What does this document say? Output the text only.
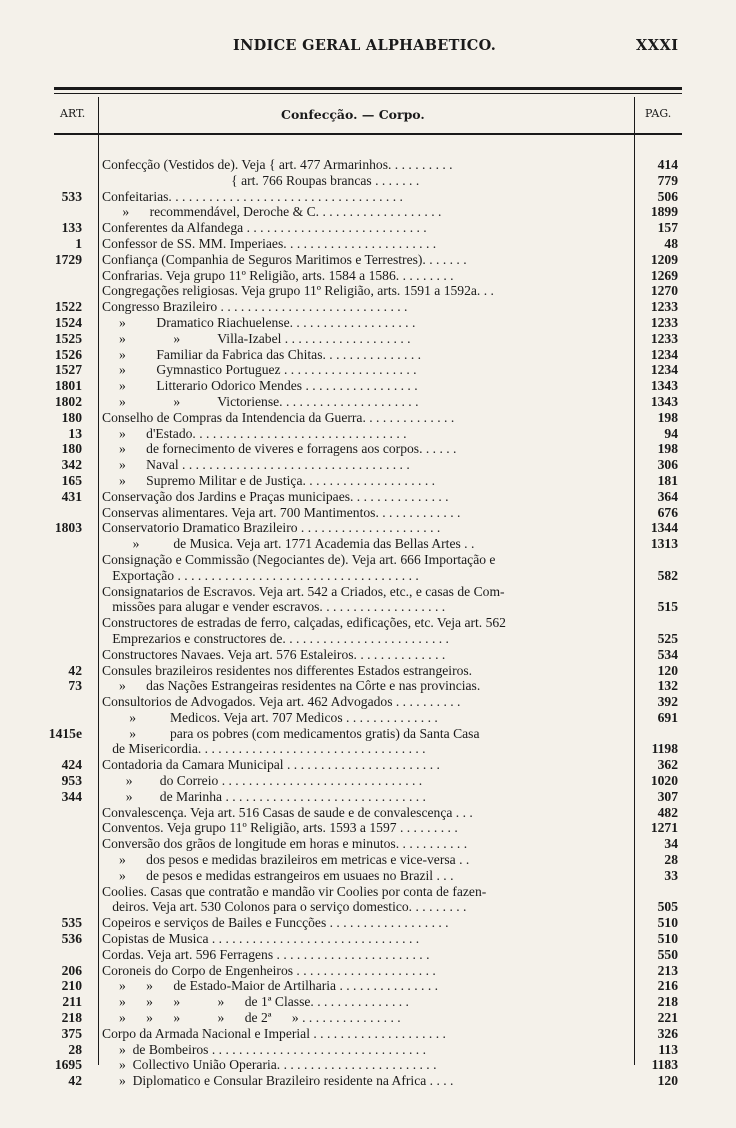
INDICE GERAL ALPHABETICO.	XXXI
ART.	Confecção. — Corpo.	PAG.
Confecção (Vestidos de). Veja { art. 477 Armarinhos. . . . . . . . . .	414
{ art. 766 Roupas brancas . . . . . . .	779
533 Confeitarias. . . . . . . . . . . . . . . . . . . . . . . . . . . . . . . . . . .	506
»      recommendável, Deroche & C. . . . . . . . . . . . . . . . . . .	1899
133 Conferentes da Alfandega . . . . . . . . . . . . . . . . . . . . . . . . . . .	157
1 Confessor de SS. MM. Imperiaes. . . . . . . . . . . . . . . . . . . . . . .	48
1729 Confiança (Companhia de Seguros Maritimos e Terrestres). . . . . . .	1209
Confrarias. Veja grupo 11º Religião, arts. 1584 a 1586. . . . . . . . .	1269
Congregações religiosas. Veja grupo 11º Religião, arts. 1591 a 1592a. . .	1270
1522 Congresso Brazileiro . . . . . . . . . . . . . . . . . . . . . . . . . . . .	1233
1524 »         Dramatico Riachuelense. . . . . . . . . . . . . . . . . . .	1233
1525 »              »           Villa-Izabel . . . . . . . . . . . . . . . . . . .	1233
1526 »         Familiar da Fabrica das Chitas. . . . . . . . . . . . . . .	1234
1527 »         Gymnastico Portuguez . . . . . . . . . . . . . . . . . . . .	1234
1801 »         Litterario Odorico Mendes . . . . . . . . . . . . . . . . .	1343
1802 »              »           Victoriense. . . . . . . . . . . . . . . . . . . . .	1343
180 Conselho de Compras da Intendencia da Guerra. . . . . . . . . . . . . .	198
13 »      d'Estado. . . . . . . . . . . . . . . . . . . . . . . . . . . . . . . .	94
180 »      de fornecimento de viveres e forragens aos corpos. . . . . .	198
342 »      Naval . . . . . . . . . . . . . . . . . . . . . . . . . . . . . . . . . .	306
165 »      Supremo Militar e de Justiça. . . . . . . . . . . . . . . . . . . .	181
431 Conservação dos Jardins e Praças municipaes. . . . . . . . . . . . . . .	364
Conservas alimentares. Veja art. 700 Mantimentos. . . . . . . . . . . . .	676
1803 Conservatorio Dramatico Brazileiro . . . . . . . . . . . . . . . . . . . . .	1344
»          de Musica. Veja art. 1771 Academia das Bellas Artes . .	1313
Consignação e Commissão (Negociantes de). Veja art. 666 Importação e
Exportação . . . . . . . . . . . . . . . . . . . . . . . . . . . . . . . . . . . .	582
Consignatarios de Escravos. Veja art. 542 a Criados, etc., e casas de Com-
missões para alugar e vender escravos. . . . . . . . . . . . . . . . . . .	515
Constructores de estradas de ferro, calçadas, edificações, etc. Veja art. 562
Emprezarios e constructores de. . . . . . . . . . . . . . . . . . . . . . . . .	525
Constructores Navaes. Veja art. 576 Estaleiros. . . . . . . . . . . . . .	534
42 Consules brazileiros residentes nos differentes Estados estrangeiros.	120
73 »      das Nações Estrangeiras residentes na Côrte e nas provincias.	132
Consultorios de Advogados. Veja art. 462 Advogados . . . . . . . . . .	392
»          Medicos. Veja art. 707 Medicos . . . . . . . . . . . . . .	691
1415e »          para os pobres (com medicamentos gratis) da Santa Casa
de Misericordia. . . . . . . . . . . . . . . . . . . . . . . . . . . . . . . . . .	1198
424 Contadoria da Camara Municipal . . . . . . . . . . . . . . . . . . . . . . .	362
953 »        do Correio . . . . . . . . . . . . . . . . . . . . . . . . . . . . . .	1020
344 »        de Marinha . . . . . . . . . . . . . . . . . . . . . . . . . . . . . .	307
Convalescença. Veja art. 516 Casas de saude e de convalescença . . .	482
Conventos. Veja grupo 11º Religião, arts. 1593 a 1597 . . . . . . . . .	1271
Conversão dos grãos de longitude em horas e minutos. . . . . . . . . . .	34
»      dos pesos e medidas brazileiros em metricas e vice-versa . .	28
»      de pesos e medidas estrangeiros em usuaes no Brazil . . .	33
Coolies. Casas que contratão e mandão vir Coolies por conta de fazen-
deiros. Veja art. 530 Colonos para o serviço domestico. . . . . . . . .	505
535 Copeiros e serviços de Bailes e Funcções . . . . . . . . . . . . . . . . . .	510
536 Copistas de Musica . . . . . . . . . . . . . . . . . . . . . . . . . . . . . . .	510
Cordas. Veja art. 596 Ferragens . . . . . . . . . . . . . . . . . . . . . . .	550
206 Coroneis do Corpo de Engenheiros . . . . . . . . . . . . . . . . . . . . .	213
210 »      »      de Estado-Maior de Artilharia . . . . . . . . . . . . . . .	216
211 »      »      »           »      de 1ª Classe. . . . . . . . . . . . . . .	218
218 »      »      »           »      de 2ª      » . . . . . . . . . . . . . . .	221
375 Corpo da Armada Nacional e Imperial . . . . . . . . . . . . . . . . . . . .	326
28 »  de Bombeiros . . . . . . . . . . . . . . . . . . . . . . . . . . . . . . . .	113
1695 »  Collectivo União Operaria. . . . . . . . . . . . . . . . . . . . . . . .	1183
42 »  Diplomatico e Consular Brazileiro residente na Africa . . . .	120
